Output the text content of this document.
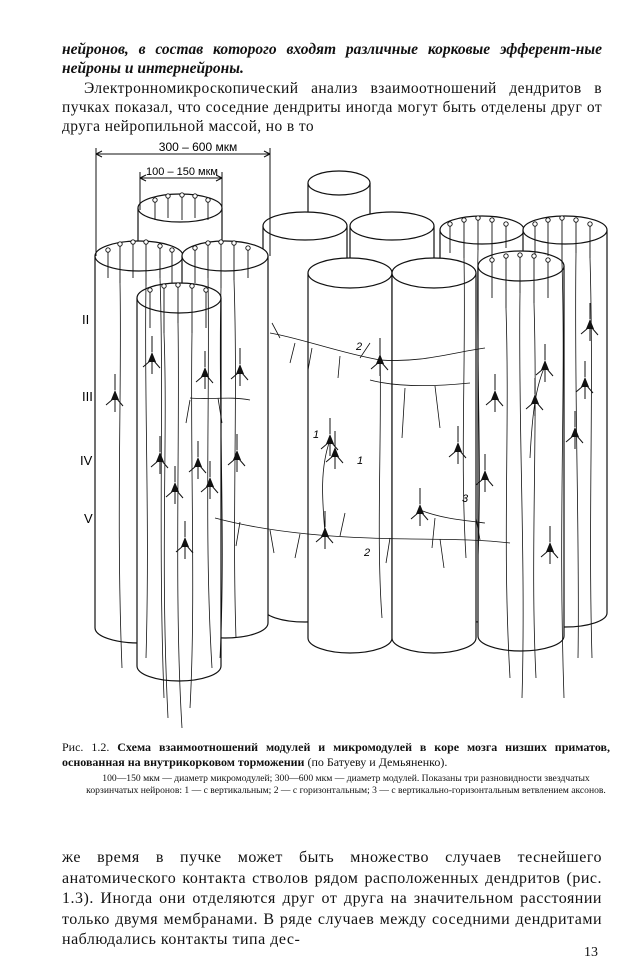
нейронов, в состав которого входят различные корковые эфферент-ные нейроны и интернейроны.

Электронномикроскопический анализ взаимоотношений дендритов в пучках показал, что соседние дендриты иногда могут быть отделены друг от друга нейропильной массой, но в то

300 – 600 мкм
100 – 150 мкм
II
III
IV
V
1
2
1
3
2

Рис. 1.2. Схема взаимоотношений модулей и микромодулей в коре мозга низших приматов, основанная на внутрикорковом торможении (по Батуеву и Демьяненко).

100—150 мкм — диаметр микромодулей; 300—600 мкм — диаметр модулей. Показаны три разновидности звездчатых корзинчатых нейронов: 1 — с вертикальным; 2 — с горизонтальным; 3 — с вертикально-горизонтальным ветвлением аксонов.

же время в пучке может быть множество случаев теснейшего анатомического контакта стволов рядом расположенных дендритов (рис. 1.3). Иногда они отделяются друг от друга на значительном расстоянии только двумя мембранами. В ряде случаев между соседними дендритами наблюдались контакты типа дес-

13
